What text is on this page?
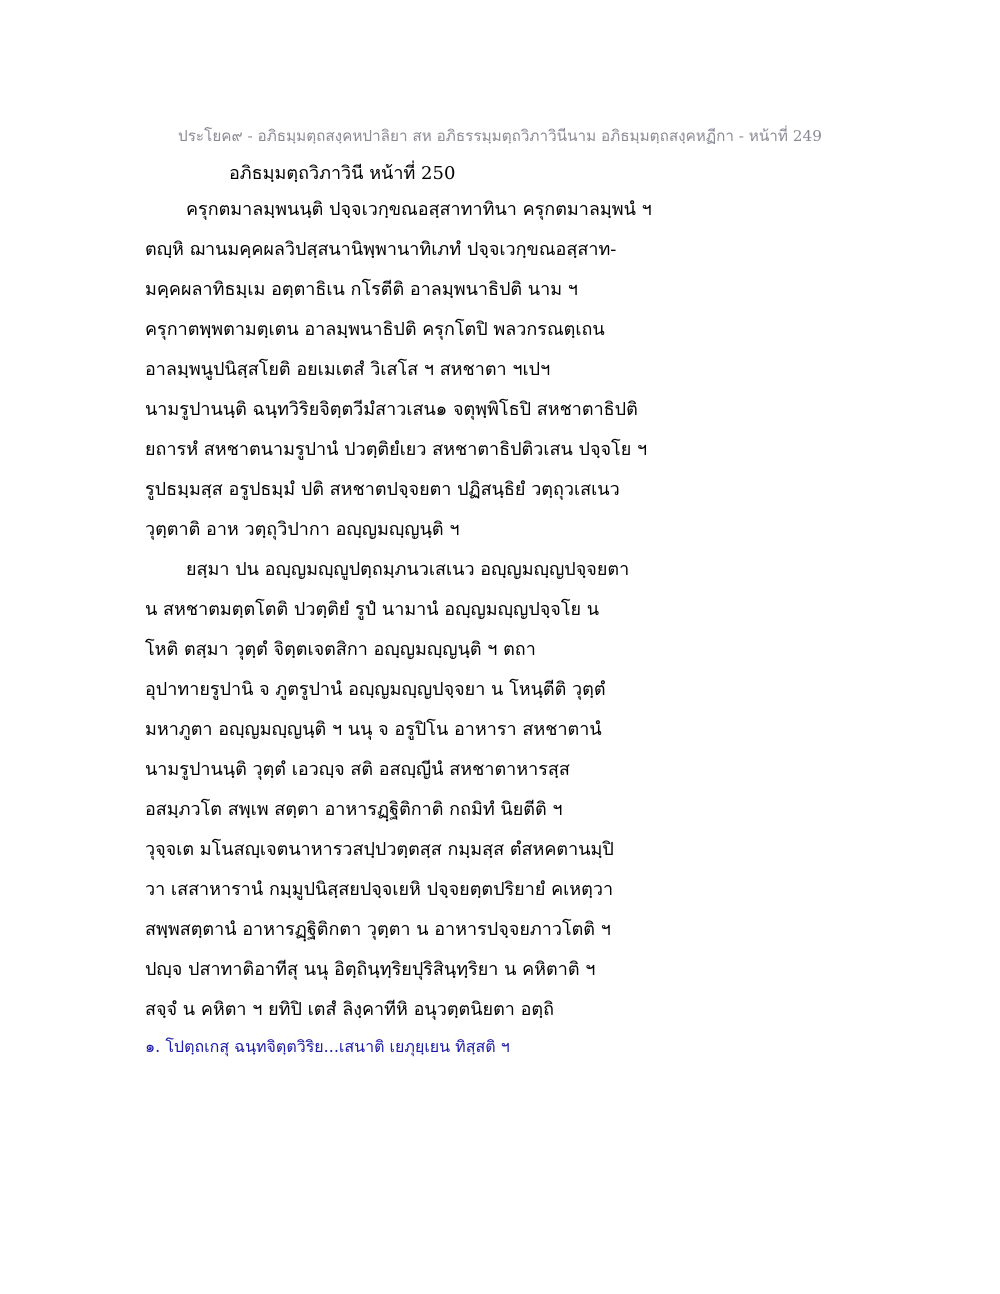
ประโยค๙ - อภิธมฺมตฺถสงฺคหปาลิยา สห อภิธรรมฺมตฺถวิภาวินีนาม อภิธมฺมตฺถสงฺคหฏีกา - หน้าที่ 249
อภิธมฺมตฺถวิภาวินี หน้าที่ 250
ครุกตมาลมฺพนนฺติ ปจฺจเวกฺขณอสฺสาทาทินา ครุกตมาลมฺพนํ ฯ
ตญฺหิ ฌานมคฺคผลวิปสฺสนานิพฺพานาทิเภทํ ปจฺจเวกฺขณอสฺสาท-
มคฺคผลาทิธมฺเม อตฺตาธิเน กโรตีติ อาลมฺพนาธิปติ นาม ฯ
ครุกาตพฺพตามตฺเตน อาลมฺพนาธิปติ ครุกโตปิ พลวกรณตฺเถน
อาลมฺพนูปนิสฺสโยติ อยเมเตสํ วิเสโส ฯ สหชาตา ฯเปฯ
นามรูปานนฺติ ฉนฺทวิริยจิตฺตวีมํสาวเสน๑ จตุพฺพิโธปิ สหชาตาธิปติ
ยถารหํ สหชาตนามรูปานํ ปวตฺติยํเยว สหชาตาธิปติวเสน ปจฺจโย ฯ
รูปธมฺมสฺส อรูปธมฺมํ ปติ สหชาตปจฺจยตา ปฏิสนฺธิยํ วตฺถุวเสเนว
วุตฺตาติ อาห วตฺถุวิปากา อญฺญมญฺญนฺติ ฯ
ยสฺมา ปน อญฺญมญฺญูปตฺถมฺภนวเสเนว อญฺญมญฺญปจฺจยตา
น สหชาตมตฺตโตติ ปวตฺติยํ รูปํ นามานํ อญฺญมญฺญปจฺจโย น
โหติ ตสฺมา วุตฺตํ จิตฺตเจตสิกา อญฺญมญฺญนฺติ ฯ ตถา
อุปาทายรูปานิ จ ภูตรูปานํ อญฺญมญฺญปจฺจยา น โหนฺตีติ วุตฺตํ
มหาภูตา อญฺญมญฺญนฺติ ฯ นนุ จ อรูปิโน อาหารา สหชาตานํ
นามรูปานนฺติ วุตฺตํ เอวญฺจ สติ อสญฺญีนํ สหชาตาหารสฺส
อสมฺภวโต สพฺเพ สตฺตา อาหารฏฺฐิติกาติ กถมิทํ นิยตีติ ฯ
วุจฺจเต มโนสญฺเจตนาหารวสปฺปวตฺตสฺส กมฺมสฺส ตํสหคตานมฺปิ
วา เสสาหารานํ กมฺมูปนิสฺสยปจฺจเยหิ ปจฺจยตฺตปริยายํ คเหตฺวา
สพฺพสตฺตานํ อาหารฏฺฐิติกตา วุตฺตา น อาหารปจฺจยภาวโตติ ฯ
ปญฺจ ปสาทาติอาทีสุ นนุ อิตฺถินฺทฺริยปุริสินฺทฺริยา น คหิตาติ ฯ
สจฺจํ น คหิตา ฯ ยทิปิ เตสํ ลิงฺคาทีหิ อนุวตฺตนิยตา อตฺถิ
๑. โปตฺถเกสุ ฉนฺทจิตฺตวิริย...เสนาติ เยภุยฺเยน ทิสฺสติ ฯ
